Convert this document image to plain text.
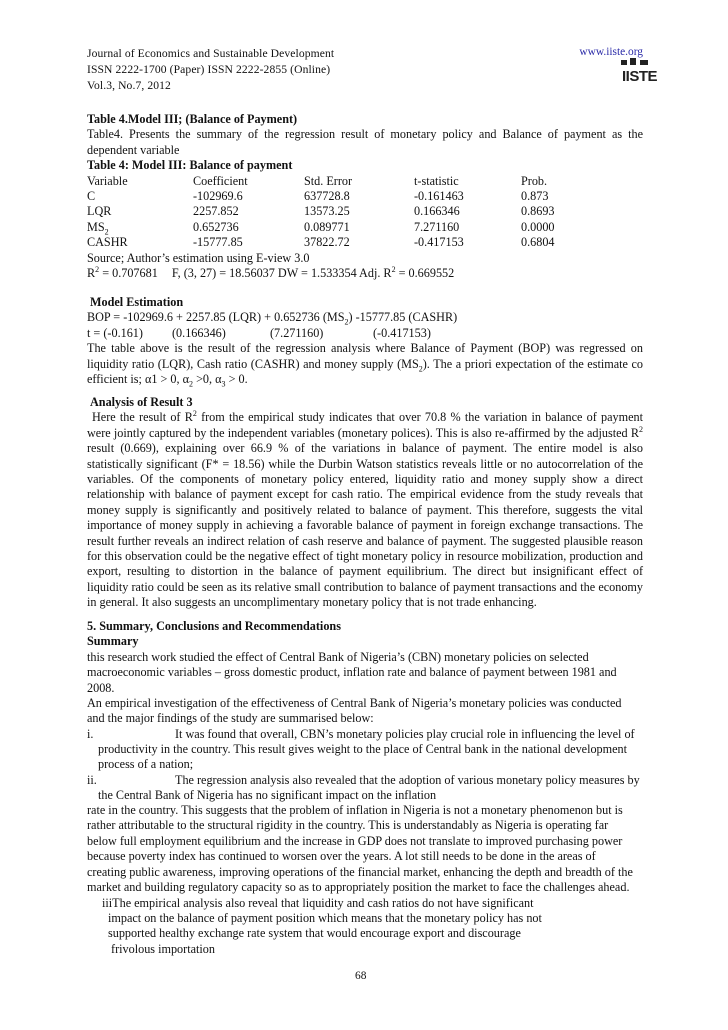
Journal of Economics and Sustainable Development
ISSN 2222-1700 (Paper) ISSN 2222-2855 (Online)
Vol.3, No.7, 2012
www.iiste.org
IISTE

Table 4.Model III; (Balance of Payment)

Table4. Presents the summary of the regression result of monetary policy and Balance of payment as the dependent variable

Table 4: Model III: Balance of payment

Variable	Coefficient	Std. Error	t-statistic	Prob.
C	-102969.6	637728.8	-0.161463	0.873
LQR	2257.852	13573.25	0.166346	0.8693
$MS_2$	0.652736	0.089771	7.271160	0.0000
CASHR	-15777.85	37822.72	-0.417153	0.6804

Source; Author’s estimation using E-view 3.0

$R^2 = 0.707681$ F, (3, 27) = 18.56037 DW = 1.533354 Adj. $R^2 = 0.669552$

Model Estimation

BOP = -102969.6 + 2257.85 (LQR) + 0.652736 $(MS_2)$ -15777.85 (CASHR)

t = (-0.161) (0.166346)	(7.271160)	(-0.417153)

The table above is the result of the regression analysis where Balance of Payment (BOP) was regressed on liquidity ratio (LQR), Cash ratio (CASHR) and money supply $(MS_2)$. The a priori expectation of the estimate co efficient is; α1 > 0, $\alpha_2 >0$, $\alpha_3 > 0$.

Analysis of Result 3

Here the result of $R^2$ from the empirical study indicates that over 70.8 % the variation in balance of payment were jointly captured by the independent variables (monetary polices). This is also re-affirmed by the adjusted $R^2$ result (0.669), explaining over 66.9 % of the variations in balance of payment. The entire model is also statistically significant (F* = 18.56) while the Durbin Watson statistics reveals little or no autocorrelation of the variables. Of the components of monetary policy entered, liquidity ratio and money supply show a direct relationship with balance of payment except for cash ratio. The empirical evidence from the study reveals that money supply is significantly and positively related to balance of payment. This therefore, suggests the vital importance of money supply in achieving a favorable balance of payment in foreign exchange transactions. The result further reveals an indirect relation of cash reserve and balance of payment. The suggested plausible reason for this observation could be the negative effect of tight monetary policy in resource mobilization, production and export, resulting to distortion in the balance of payment equilibrium. The direct but insignificant effect of liquidity ratio could be seen as its relative small contribution to balance of payment transactions and the economy in general. It also suggests an uncomplimentary monetary policy that is not trade enhancing.

5. Summary, Conclusions and Recommendations

Summary

this research work studied the effect of Central Bank of Nigeria’s (CBN) monetary policies on selected

macroeconomic variables – gross domestic product, inflation rate and balance of payment between 1981 and

2008.

An empirical investigation of the effectiveness of Central Bank of Nigeria’s monetary policies was conducted

and the major findings of the study are summarised below:

i.	It was found that overall, CBN’s monetary policies play crucial role in influencing the level of

productivity in the country. This result gives weight to the place of Central bank in the national development

process of a nation;

ii.	The regression analysis also revealed that the adoption of various monetary policy measures by

the Central Bank of Nigeria has no significant impact on the inflation

rate in the country. This suggests that the problem of inflation in Nigeria is not a monetary phenomenon but is

rather attributable to the structural rigidity in the country. This is understandably as Nigeria is operating far

below full employment equilibrium and the increase in GDP does not translate to improved purchasing power

because poverty index has continued to worsen over the years. A lot still needs to be done in the areas of

creating public awareness, improving operations of the financial market, enhancing the depth and breadth of the

market and building regulatory capacity so as to appropriately position the market to face the challenges ahead.

iiiThe empirical analysis also reveal that liquidity and cash ratios do not have significant

impact on the balance of payment position which means that the monetary policy has not

supported healthy exchange rate system that would encourage export and discourage

frivolous importation

68
